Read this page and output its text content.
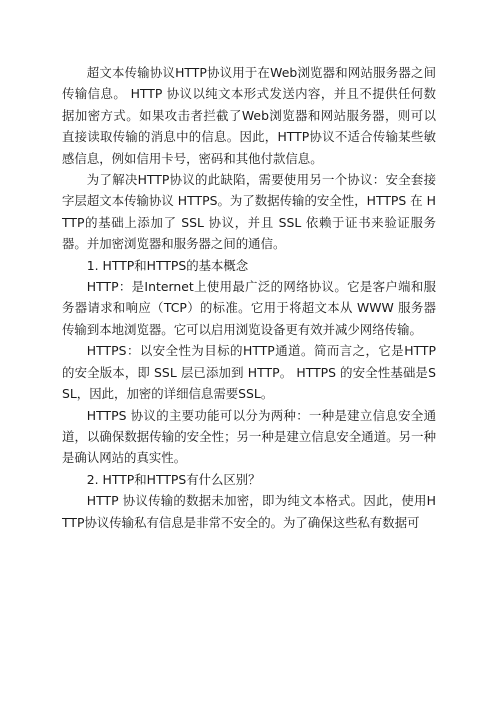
超文本传输协议HTTP协议用于在Web浏览器和网站服务器之间传输信息。 HTTP 协议以纯文本形式发送内容，并且不提供任何数据加密方式。如果攻击者拦截了Web浏览器和网站服务器，则可以直接读取传输的消息中的信息。因此，HTTP协议不适合传输某些敏感信息，例如信用卡号，密码和其他付款信息。

为了解决HTTP协议的此缺陷，需要使用另一个协议：安全套接字层超文本传输协议 HTTPS。为了数据传输的安全性，HTTPS 在 HTTP的基础上添加了 SSL 协议，并且 SSL 依赖于证书来验证服务器。并加密浏览器和服务器之间的通信。

1. HTTP和HTTPS的基本概念

HTTP：是Internet上使用最广泛的网络协议。它是客户端和服务器请求和响应（TCP）的标准。它用于将超文本从 WWW 服务器传输到本地浏览器。它可以启用浏览设备更有效并减少网络传输。

HTTPS：以安全性为目标的HTTP通道。简而言之，它是HTTP的安全版本，即 SSL 层已添加到 HTTP。 HTTPS 的安全性基础是SSL，因此，加密的详细信息需要SSL。

HTTPS 协议的主要功能可以分为两种：一种是建立信息安全通道，以确保数据传输的安全性；另一种是建立信息安全通道。另一种是确认网站的真实性。

2. HTTP和HTTPS有什么区别？

HTTP 协议传输的数据未加密，即为纯文本格式。因此，使用HTTP协议传输私有信息是非常不安全的。为了确保这些私有数据可
